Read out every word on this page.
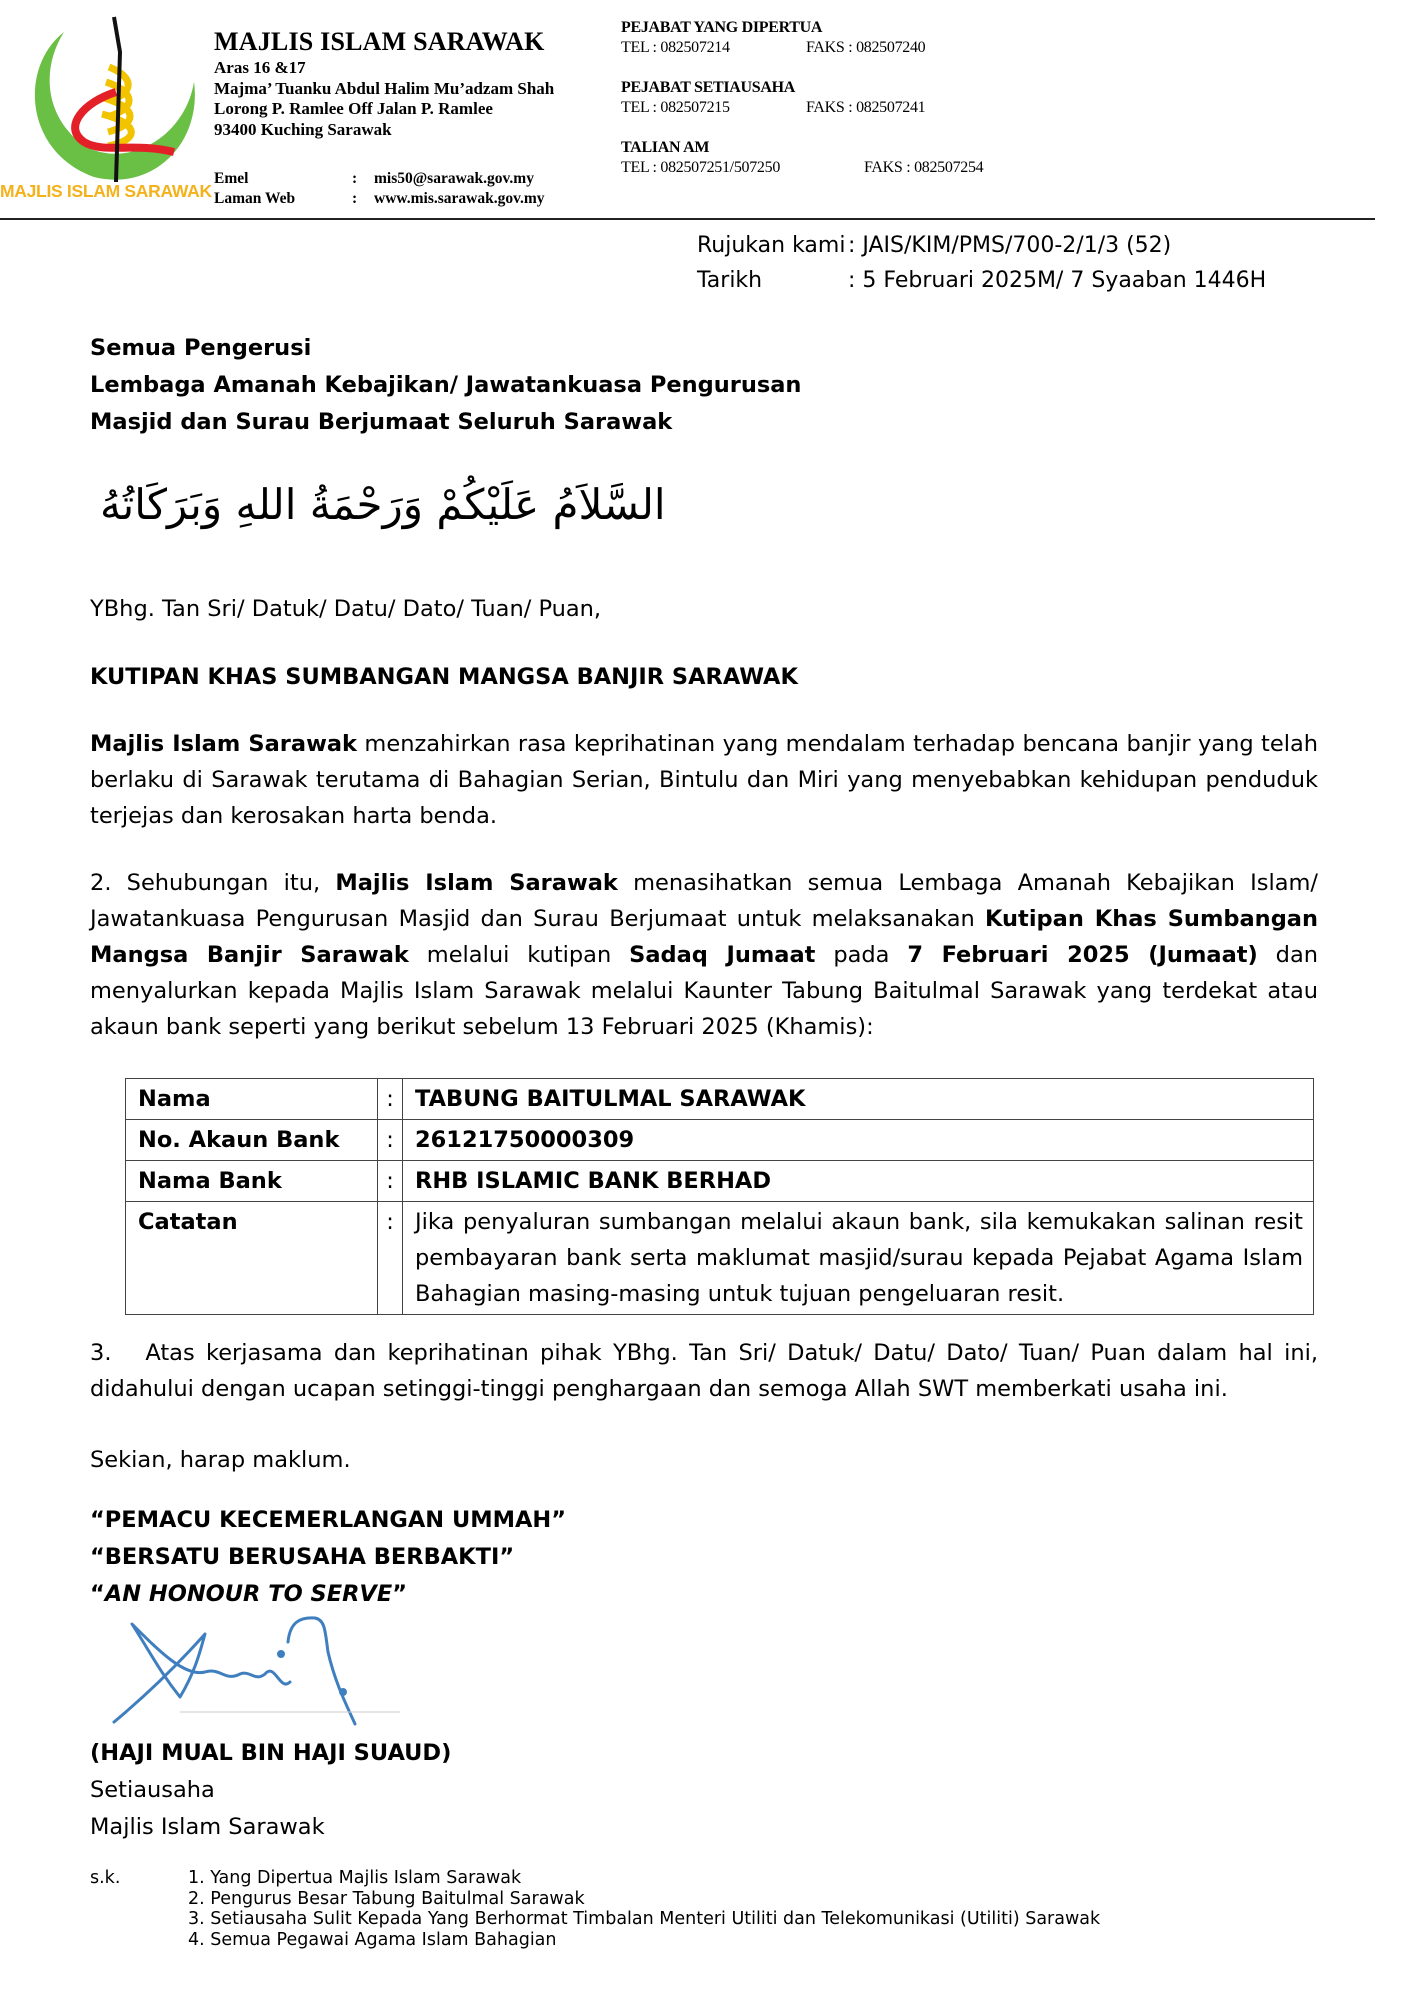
MAJLIS ISLAM SARAWAK
MAJLIS ISLAM SARAWAK
Aras 16 &17
Majma’ Tuanku Abdul Halim Mu’adzam Shah
Lorong P. Ramlee Off Jalan P. Ramlee
93400 Kuching Sarawak
Emel	:	mis50@sarawak.gov.my
Laman Web	:	www.mis.sarawak.gov.my
PEJABAT YANG DIPERTUA
TEL : 082507214	FAKS : 082507240
PEJABAT SETIAUSAHA
TEL : 082507215	FAKS : 082507241
TALIAN AM
TEL : 082507251/507250	FAKS : 082507254
Rujukan kami : JAIS/KIM/PMS/700-2/1/3 (52)
Tarikh	: 5 Februari 2025M/ 7 Syaaban 1446H
Semua Pengerusi
Lembaga Amanah Kebajikan/ Jawatankuasa Pengurusan
Masjid dan Surau Berjumaat Seluruh Sarawak
السَّلاَمُ عَلَيْكُمْ وَرَحْمَةُ اللهِ وَبَرَكَاتُهُ
YBhg. Tan Sri/ Datuk/ Datu/ Dato/ Tuan/ Puan,
KUTIPAN KHAS SUMBANGAN MANGSA BANJIR SARAWAK
Majlis Islam Sarawak menzahirkan rasa keprihatinan yang mendalam terhadap bencana banjir yang telah berlaku di Sarawak terutama di Bahagian Serian, Bintulu dan Miri yang menyebabkan kehidupan penduduk terjejas dan kerosakan harta benda.
2. Sehubungan itu, Majlis Islam Sarawak menasihatkan semua Lembaga Amanah Kebajikan Islam/ Jawatankuasa Pengurusan Masjid dan Surau Berjumaat untuk melaksanakan Kutipan Khas Sumbangan Mangsa Banjir Sarawak melalui kutipan Sadaq Jumaat pada 7 Februari 2025 (Jumaat) dan menyalurkan kepada Majlis Islam Sarawak melalui Kaunter Tabung Baitulmal Sarawak yang terdekat atau akaun bank seperti yang berikut sebelum 13 Februari 2025 (Khamis):
Nama	:	TABUNG BAITULMAL SARAWAK
No. Akaun Bank	:	26121750000309
Nama Bank	:	RHB ISLAMIC BANK BERHAD
Catatan	:	Jika penyaluran sumbangan melalui akaun bank, sila kemukakan salinan resit pembayaran bank serta maklumat masjid/surau kepada Pejabat Agama Islam Bahagian masing-masing untuk tujuan pengeluaran resit.
3.   Atas kerjasama dan keprihatinan pihak YBhg. Tan Sri/ Datuk/ Datu/ Dato/ Tuan/ Puan dalam hal ini, didahului dengan ucapan setinggi-tinggi penghargaan dan semoga Allah SWT memberkati usaha ini.
Sekian, harap maklum.
“PEMACU KECEMERLANGAN UMMAH”
“BERSATU BERUSAHA BERBAKTI”
“AN HONOUR TO SERVE”
(HAJI MUAL BIN HAJI SUAUD)
Setiausaha
Majlis Islam Sarawak
s.k.	1. Yang Dipertua Majlis Islam Sarawak
2. Pengurus Besar Tabung Baitulmal Sarawak
3. Setiausaha Sulit Kepada Yang Berhormat Timbalan Menteri Utiliti dan Telekomunikasi (Utiliti) Sarawak
4. Semua Pegawai Agama Islam Bahagian
